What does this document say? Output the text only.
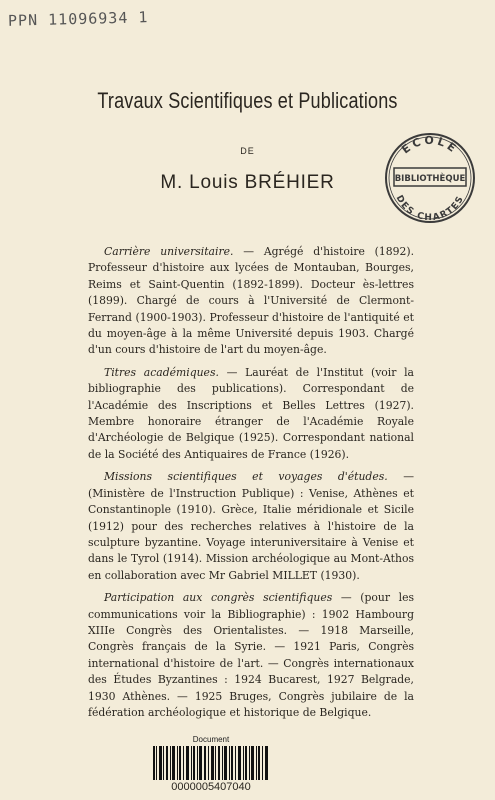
PPN 11096934 1
Travaux Scientifiques et Publications
DE
M. Louis BRÉHIER
ECOLE
BIBLIOTHÈQUE
DES CHARTES

Carrière universitaire. — Agrégé d'histoire (1892). Professeur d'histoire aux lycées de Montauban, Bourges, Reims et Saint-Quentin (1892-1899). Docteur ès-lettres (1899). Chargé de cours à l'Université de Clermont-Ferrand (1900-1903). Professeur d'histoire de l'antiquité et du moyen-âge à la même Université depuis 1903. Chargé d'un cours d'histoire de l'art du moyen-âge.

Titres académiques. — Lauréat de l'Institut (voir la bibliographie des publications). Correspondant de l'Académie des Inscriptions et Belles Lettres (1927). Membre honoraire étranger de l'Académie Royale d'Archéologie de Belgique (1925). Correspondant national de la Société des Antiquaires de France (1926).

Missions scientifiques et voyages d'études. — (Ministère de l'Instruction Publique) : Venise, Athènes et Constantinople (1910). Grèce, Italie méridionale et Sicile (1912) pour des recherches relatives à l'histoire de la sculpture byzantine. Voyage interuniversitaire à Venise et dans le Tyrol (1914). Mission archéologique au Mont-Athos en collaboration avec Mr Gabriel MILLET (1930).

Participation aux congrès scientifiques — (pour les communications voir la Bibliographie) : 1902 Hambourg XIIIe Congrès des Orientalistes. — 1918 Marseille, Congrès français de la Syrie. — 1921 Paris, Congrès international d'histoire de l'art. — Congrès internationaux des Études Byzantines : 1924 Bucarest, 1927 Belgrade, 1930 Athènes. — 1925 Bruges, Congrès jubilaire de la fédération archéologique et historique de Belgique.

Document
0000005407040
